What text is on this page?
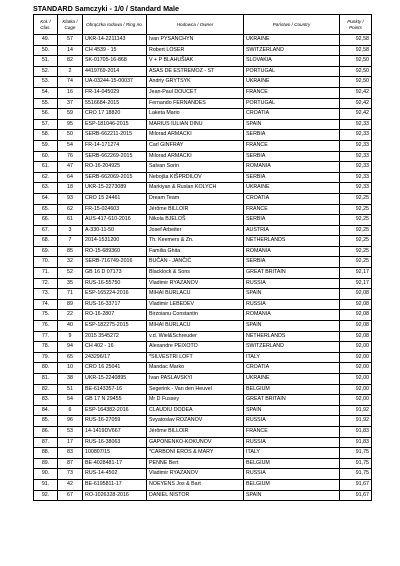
STANDARD Samczyki - 1/0 / Standard Male
Koł. / Clas.	Klatka / Cage	Obrączka rodowa / Ring no.	Hodowca / Owner	Państwo / Country	Punkty / Points
49.	57	UKR-14-2211143	Ivan PYSANCHYN	UKRAINE	92,58
50.	14	CH 4539 - 15	Robert LOSER	SWITZERLAND	92,58
51.	82	SK-01705-16-868	V + P BLAHUŠIAK	SLOVAKIA	92,50
52.	2	4419769-2014	ASAS DE ESTREMOZ - ST	PORTUGAL	92,50
53.	74	UA-03244-15-00037	Andriy GRYTSYK	UKRAINE	92,50
54.	16	FR-14-045029	Jean-Paul DOUCET	FRANCE	92,42
55.	37	5516684-2015	Fernando FERNANDES	PORTUGAL	92,42
56.	59	CRO 17 18820	Laketa Mario	CROATIA	92,42
57.	95	ESP-181046-2015	MARIUS IULIAN DINU	SPAIN	92,33
58.	50	SERB-662211-2015	Milorad ARMACKI	SERBIA	92,33
59.	54	FR-14-171274	Carl GINFRAY	FRANCE	92,33
60.	76	SERB-662269-2015	Milorad ARMACKI	SERBIA	92,33
61.	47	RO-16-204925	Salvan Sorin	ROMANIA	92,33
62.	64	SERB-662069-2015	Nebojša KIŠPRDILOV	SERBIA	92,33
63.	18	UKR-15-2273089	Markiyan & Ruslan KOLYCH	UKRAINE	92,33
64.	93	CRO 15 24461	Dream Team	CROATIA	92,25
65.	62	FR-15-024603	Jérôme BILLOIR	FRANCE	92,25
66.	61	AUS-417-610-2016	Nikola BJELOŠ	SERBIA	92,25
67.	3	A-330-11-50	Josef Arbeiter	AUSTRIA	92,25
68.	7	2014-1531200	Th. Keemers & Zn.	NETHERLANDS	92,25
69.	85	RO-15-689360	Familia Ghita	ROMANIA	92,25
70.	32	SERB-716749-2016	BUČAN - JANČIĆ	SERBIA	92,25
71.	52	GB 16 D 07173	Blacklock & Sons	GREAT BRITAIN	92,17
72.	35	RUS-16-55750	Vladimir RYAZANOV	RUSSIA	92,17
73.	71	ESP-165224-2016	MIHAI BURLACU	SPAIN	92,08
74.	89	RUS-16-33717	Vladimir LEBEDEV	RUSSIA	92,08
75.	22	RO-16-2807	Birzoianu Constantin	ROMANIA	92,08
76.	40	ESP-182275-2015	MIHAI BURLACU	SPAIN	92,08
77.	9	2015 3545272	v.d. Wiel&Schreuder	NETHERLANDS	92,08
78.	94	CH 402 - 16	Alexandre PEIXOTO	SWITZERLAND	92,00
79.	65	243296/17	*SILVESTRI LOFT	ITALY	92,00
80.	10	CRO 16 25041	Mandac Marko	CROATIA	92,00
81.	38	UKR-15-2240895	Ivan PASLAVSKYI	UKRAINE	92,00
82.	51	BE-6143357-16	Segerink - Van den Heuvel	BELGIUM	92,00
83.	54	GB 17 N 29455	Mr D Fussey	GREAT BRITAIN	92,00
84.	6	ESP-164382-2016	CLAUDIU DODEA	SPAIN	91,92
85.	96	RUS-16-27059	Svyatoslav ROZANOV	RUSSIA	91,92
86.	53	14-1419DV667	Jérôme BILLOIR	FRANCE	91,83
87.	17	RUS-16-38063	GAPONENKO-KOKUNOV	RUSSIA	91,83
88.	83	100807/15	*CARBONI EROS & MARY	ITALY	91,75
89.	87	BE-4028481-17	PENNE Bert	BELGIUM	91,75
90.	73	RUS-14-4502	Vladimir RYAZANOV	RUSSIA	91,75
91.	42	BE-6195811-17	NOEYENS Jos & Bart	BELGIUM	91,67
92.	67	RO-1026328-2016	DANIEL NISTOR	SPAIN	91,67
